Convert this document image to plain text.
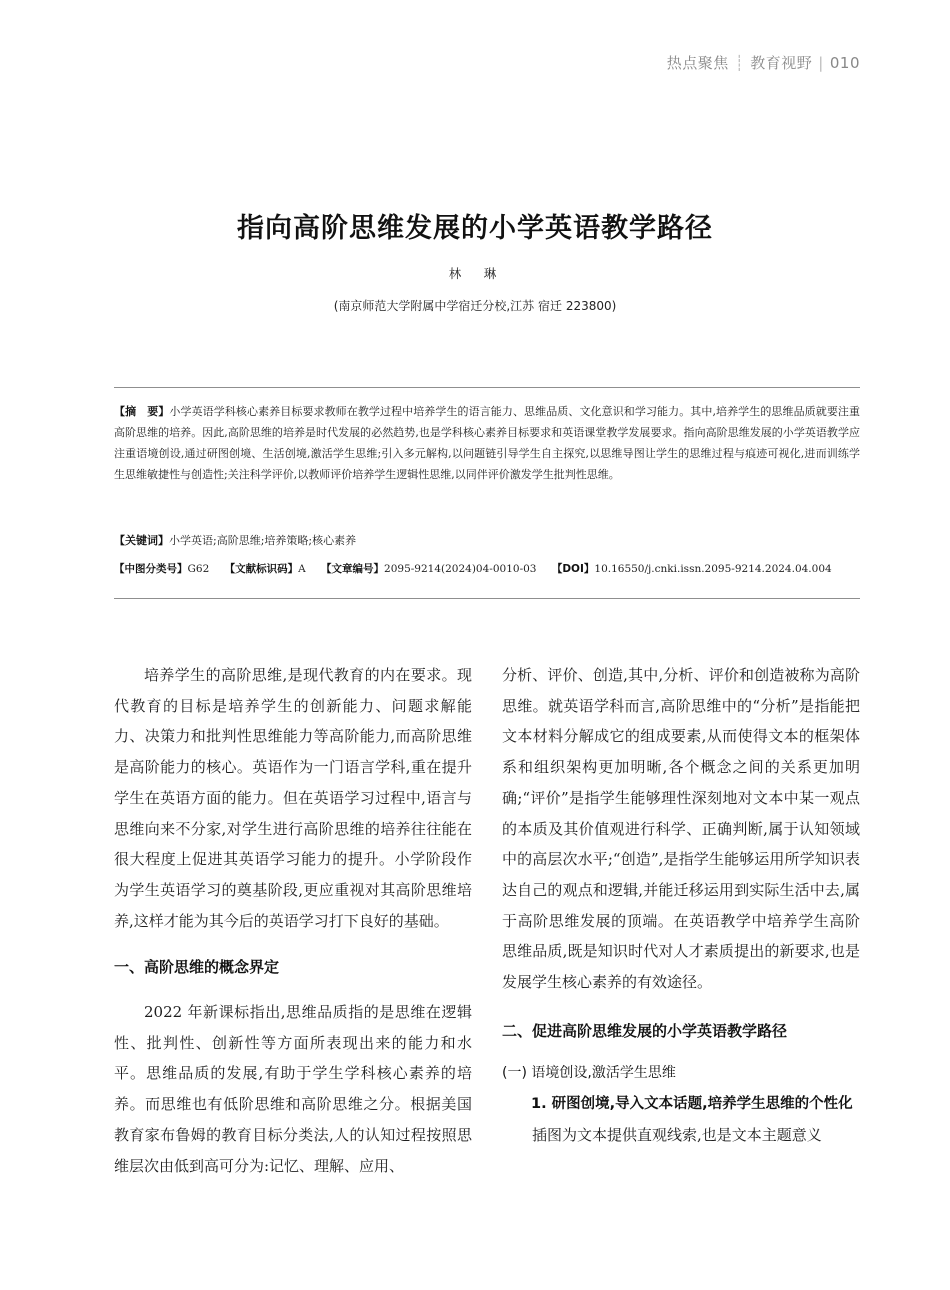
热点聚焦 ┊ 教育视野 | 010
指向高阶思维发展的小学英语教学路径
林　琳
(南京师范大学附属中学宿迁分校,江苏 宿迁 223800)

【摘　要】小学英语学科核心素养目标要求教师在教学过程中培养学生的语言能力、思维品质、文化意识和学习能力。其中,培养学生的思维品质就要注重高阶思维的培养。因此,高阶思维的培养是时代发展的必然趋势,也是学科核心素养目标要求和英语课堂教学发展要求。指向高阶思维发展的小学英语教学应注重语境创设,通过研图创境、生活创境,激活学生思维;引入多元解构,以问题链引导学生自主探究,以思维导图让学生的思维过程与痕迹可视化,进而训练学生思维敏捷性与创造性;关注科学评价,以教师评价培养学生逻辑性思维,以同伴评价激发学生批判性思维。

【关键词】小学英语;高阶思维;培养策略;核心素养
【中图分类号】G62 【文献标识码】A 【文章编号】2095-9214(2024)04-0010-03 【DOI】10.16550/j.cnki.issn.2095-9214.2024.04.004

培养学生的高阶思维,是现代教育的内在要求。现代教育的目标是培养学生的创新能力、问题求解能力、决策力和批判性思维能力等高阶能力,而高阶思维是高阶能力的核心。英语作为一门语言学科,重在提升学生在英语方面的能力。但在英语学习过程中,语言与思维向来不分家,对学生进行高阶思维的培养往往能在很大程度上促进其英语学习能力的提升。小学阶段作为学生英语学习的奠基阶段,更应重视对其高阶思维培养,这样才能为其今后的英语学习打下良好的基础。

一、高阶思维的概念界定

2022 年新课标指出,思维品质指的是思维在逻辑性、批判性、创新性等方面所表现出来的能力和水平。思维品质的发展,有助于学生学科核心素养的培养。而思维也有低阶思维和高阶思维之分。根据美国教育家布鲁姆的教育目标分类法,人的认知过程按照思维层次由低到高可分为:记忆、理解、应用、

分析、评价、创造,其中,分析、评价和创造被称为高阶思维。就英语学科而言,高阶思维中的“分析”是指能把文本材料分解成它的组成要素,从而使得文本的框架体系和组织架构更加明晰,各个概念之间的关系更加明确;“评价”是指学生能够理性深刻地对文本中某一观点的本质及其价值观进行科学、正确判断,属于认知领域中的高层次水平;“创造”,是指学生能够运用所学知识表达自己的观点和逻辑,并能迁移运用到实际生活中去,属于高阶思维发展的顶端。在英语教学中培养学生高阶思维品质,既是知识时代对人才素质提出的新要求,也是发展学生核心素养的有效途径。

二、促进高阶思维发展的小学英语教学路径
(一) 语境创设,激活学生思维
1. 研图创境,导入文本话题,培养学生思维的个性化

插图为文本提供直观线索,也是文本主题意义
